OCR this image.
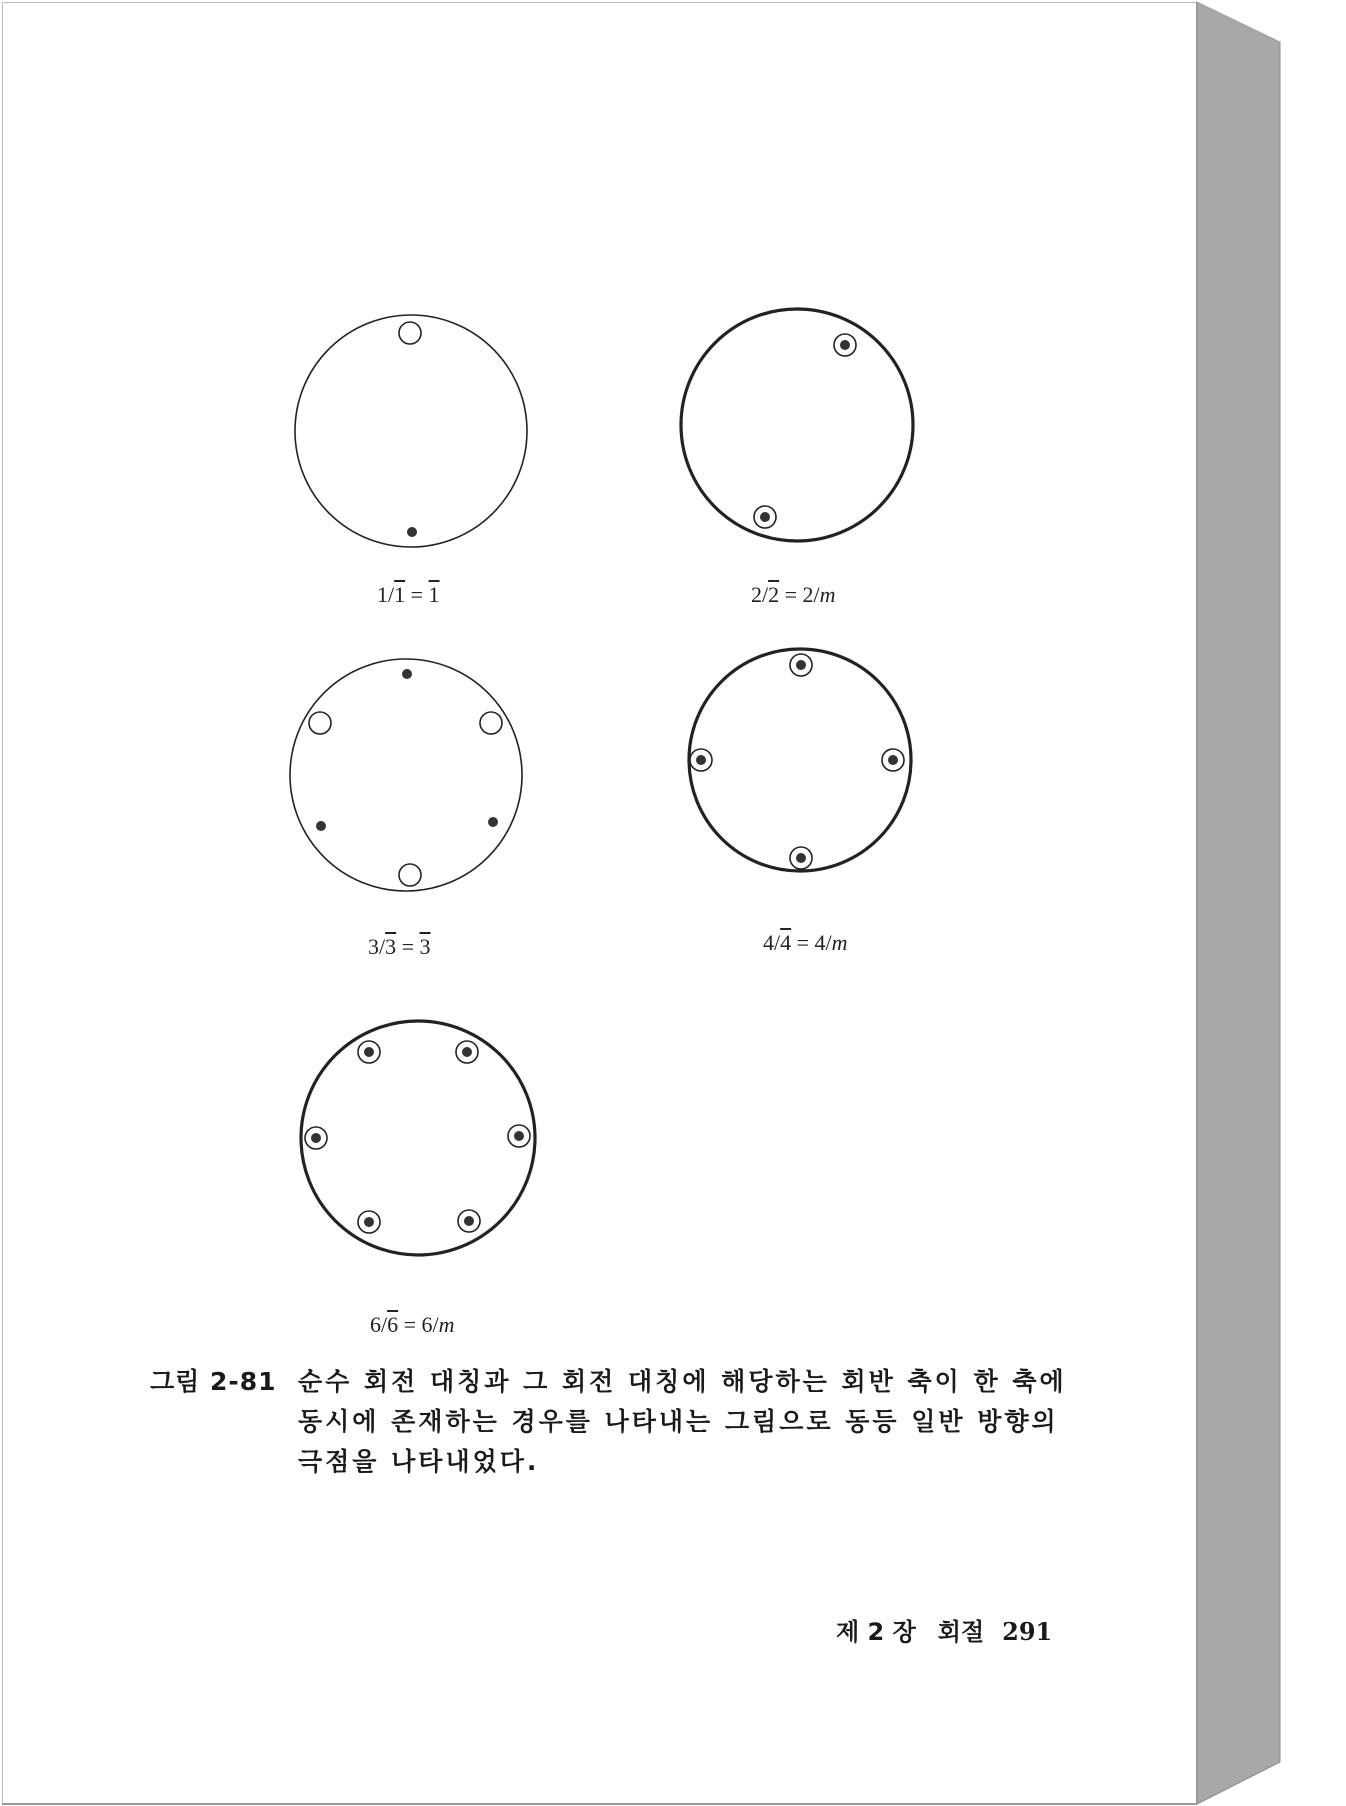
1/1 = 1	2/2 = 2/m
3/3 = 3	4/4 = 4/m
6/6 = 6/m
그림 2-81 순수 회전 대칭과 그 회전 대칭에 해당하는 회반 축이 한 축에
동시에 존재하는 경우를 나타내는 그림으로 동등 일반 방향의
극점을 나타내었다.
제 2 장 회절 291
